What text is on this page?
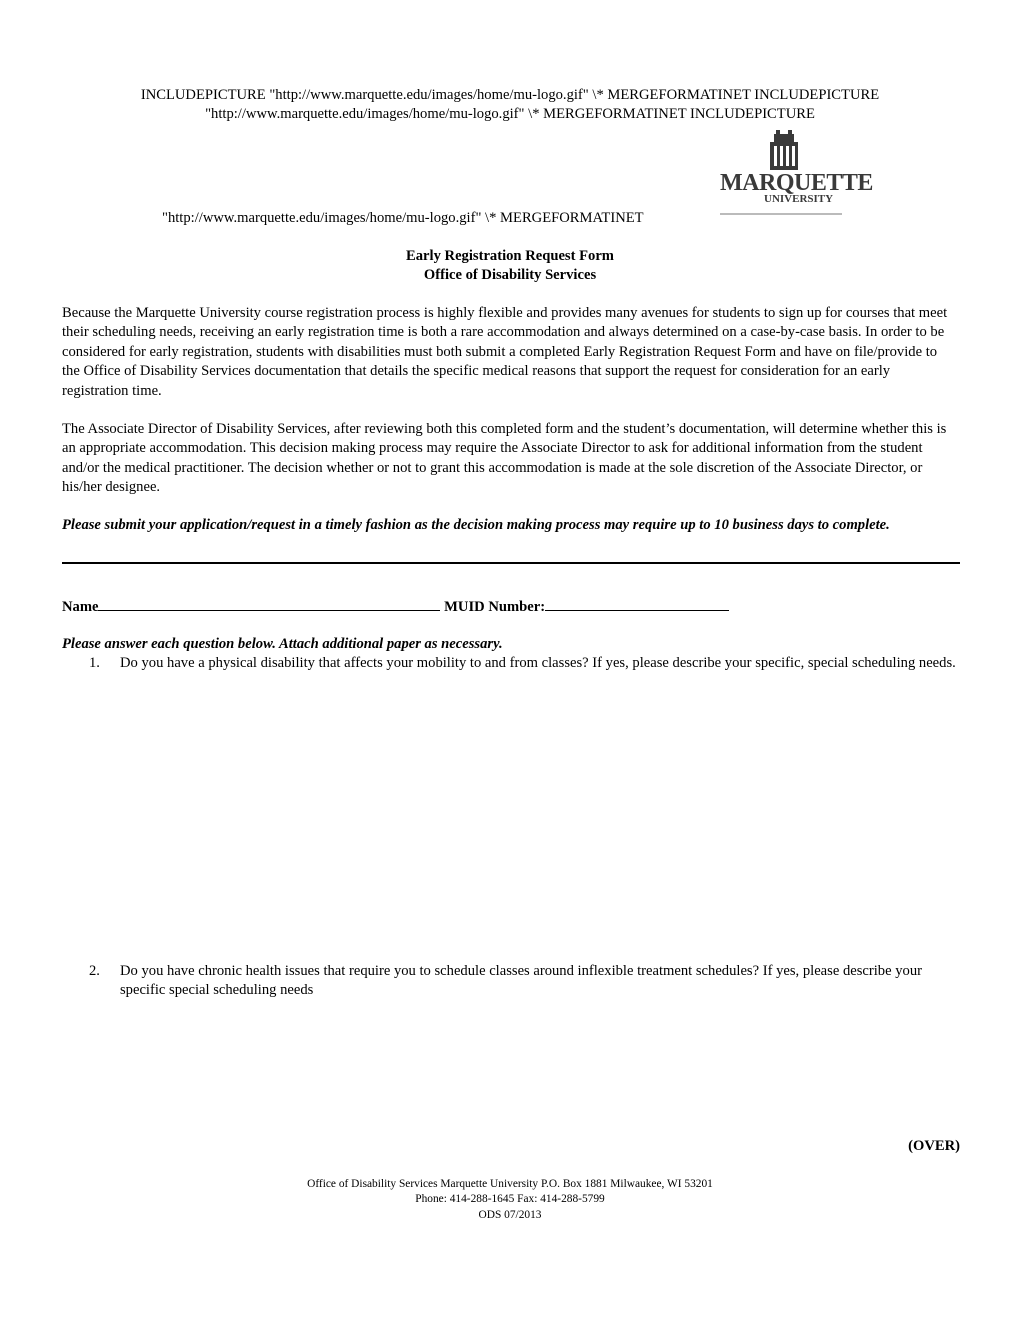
INCLUDEPICTURE "http://www.marquette.edu/images/home/mu-logo.gif" \* MERGEFORMATINET INCLUDEPICTURE
"http://www.marquette.edu/images/home/mu-logo.gif" \* MERGEFORMATINET INCLUDEPICTURE
MARQUETTE
UNIVERSITY
"http://www.marquette.edu/images/home/mu-logo.gif" \* MERGEFORMATINET
Early Registration Request Form
Office of Disability Services
Because the Marquette University course registration process is highly flexible and provides many avenues for students to sign up for courses that meet their scheduling needs, receiving an early registration time is both a rare accommodation and always determined on a case-by-case basis. In order to be considered for early registration, students with disabilities must both submit a completed Early Registration Request Form and have on file/provide to the Office of Disability Services documentation that details the specific medical reasons that support the request for consideration for an early registration time.
The Associate Director of Disability Services, after reviewing both this completed form and the student’s documentation, will determine whether this is an appropriate accommodation. This decision making process may require the Associate Director to ask for additional information from the student and/or the medical practitioner. The decision whether or not to grant this accommodation is made at the sole discretion of the Associate Director, or his/her designee.
Please submit your application/request in a timely fashion as the decision making process may require up to 10 business days to complete.
Name	MUID Number:
Please answer each question below. Attach additional paper as necessary.
1. Do you have a physical disability that affects your mobility to and from classes? If yes, please describe your specific, special scheduling needs.
2. Do you have chronic health issues that require you to schedule classes around inflexible treatment schedules? If yes, please describe your specific special scheduling needs
(OVER)
Office of Disability Services Marquette University P.O. Box 1881 Milwaukee, WI 53201
Phone: 414-288-1645 Fax: 414-288-5799
ODS 07/2013
